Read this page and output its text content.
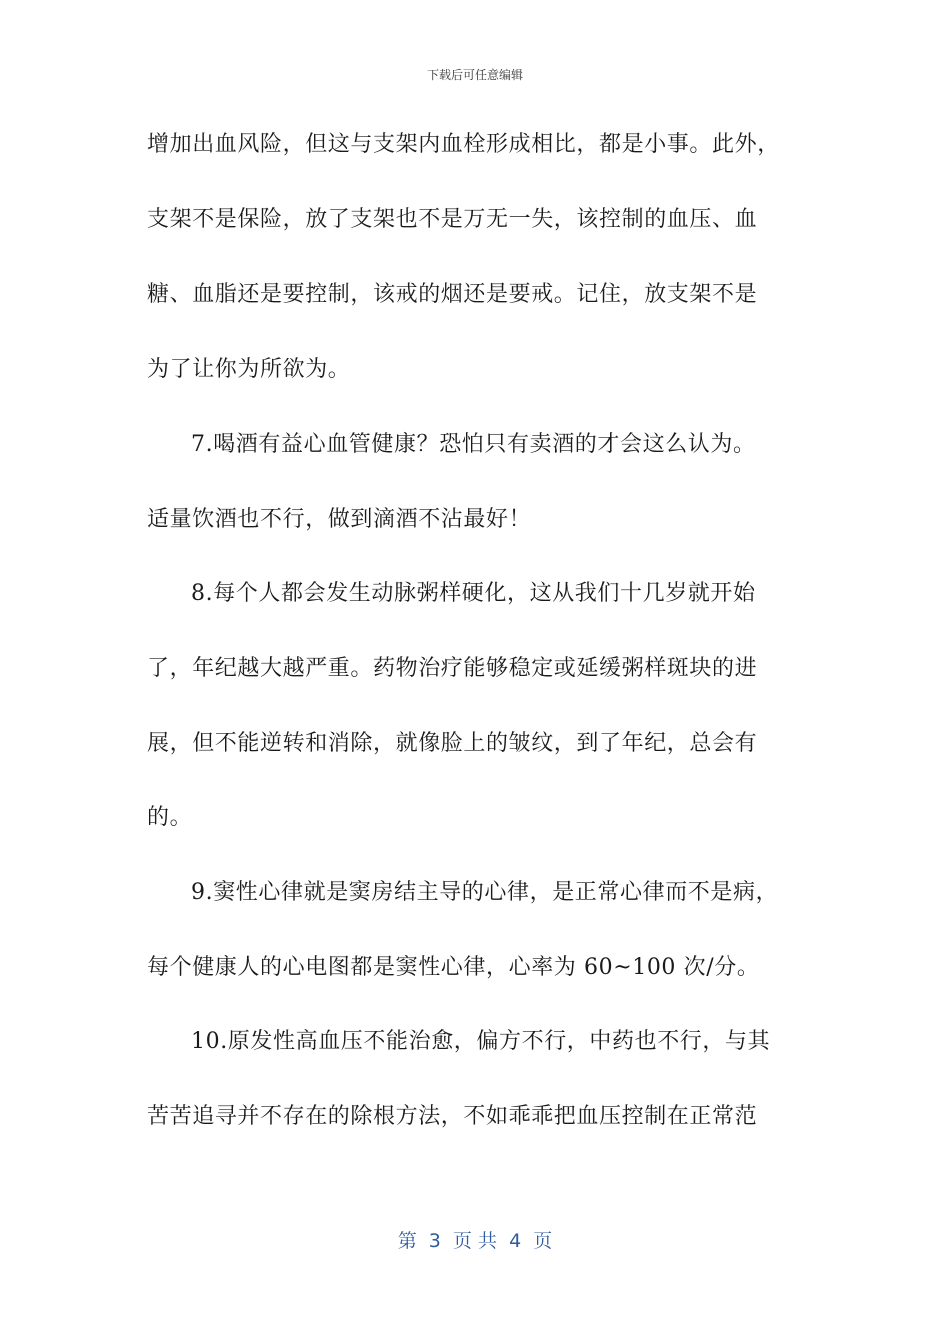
下载后可任意编辑
增加出血风险，但这与支架内血栓形成相比，都是小事。此外，
支架不是保险，放了支架也不是万无一失，该控制的血压、血
糖、血脂还是要控制，该戒的烟还是要戒。记住，放支架不是
为了让你为所欲为。
7.喝酒有益心血管健康？恐怕只有卖酒的才会这么认为。
适量饮酒也不行，做到滴酒不沾最好！
8.每个人都会发生动脉粥样硬化，这从我们十几岁就开始
了，年纪越大越严重。药物治疗能够稳定或延缓粥样斑块的进
展，但不能逆转和消除，就像脸上的皱纹，到了年纪，总会有
的。
9.窦性心律就是窦房结主导的心律，是正常心律而不是病，
每个健康人的心电图都是窦性心律，心率为 60~100 次/分。
10.原发性高血压不能治愈，偏方不行，中药也不行，与其
苦苦追寻并不存在的除根方法，不如乖乖把血压控制在正常范
第  3  页 共  4  页
